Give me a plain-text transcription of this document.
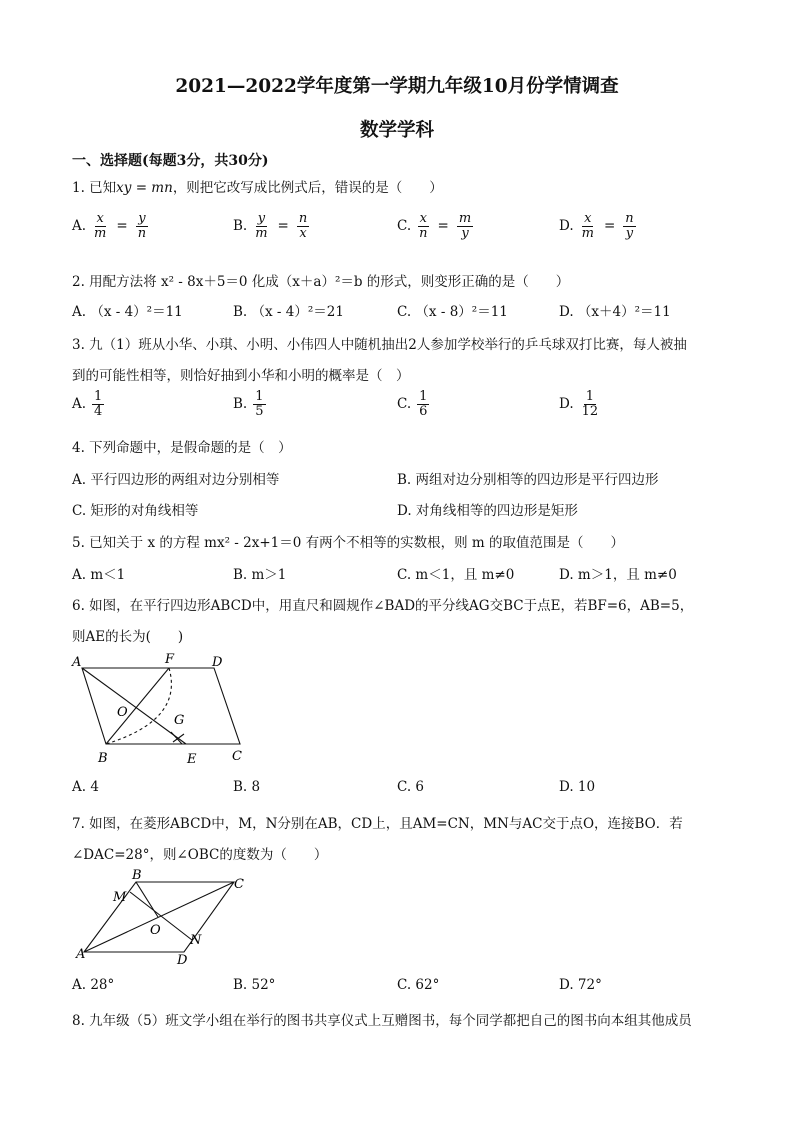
2021—2022学年度第一学期九年级10月份学情调查
数学学科
一、选择题(每题3分，共30分)
1. 已知xy = mn，则把它改写成比例式后，错误的是（　　）
A. $\frac{x}{m} = \frac{y}{n}$	B. $\frac{y}{m} = \frac{n}{x}$	C. $\frac{x}{n} = \frac{m}{y}$	D. $\frac{x}{m} = \frac{n}{y}$
2. 用配方法将 x² - 8x＋5＝0 化成（x＋a）²＝b 的形式，则变形正确的是（　　）
A. （x - 4）²＝11	B. （x - 4）²＝21	C. （x - 8）²＝11	D. （x＋4）²＝11
3. 九（1）班从小华、小琪、小明、小伟四人中随机抽出2人参加学校举行的乒乓球双打比赛，每人被抽
到的可能性相等，则恰好抽到小华和小明的概率是（　）
A. $\frac{1}{4}$	B. $\frac{1}{5}$	C. $\frac{1}{6}$	D. $\frac{1}{12}$
4. 下列命题中，是假命题的是（　）
A. 平行四边形的两组对边分别相等	B. 两组对边分别相等的四边形是平行四边形
C. 矩形的对角线相等	D. 对角线相等的四边形是矩形
5. 已知关于 x 的方程 mx² - 2x+1＝0 有两个不相等的实数根，则 m 的取值范围是（　　）
A. m＜1	B. m＞1	C. m＜1，且 m≠0	D. m＞1，且 m≠0
6. 如图，在平行四边形ABCD中，用直尺和圆规作∠BAD的平分线AG交BC于点E，若BF=6，AB=5，
则AE的长为(　　)
A	F	D
O
G
B	E	C
A. 4	B. 8	C. 6	D. 10
7. 如图，在菱形ABCD中，M，N分别在AB，CD上，且AM=CN，MN与AC交于点O，连接BO．若
∠DAC=28°，则∠OBC的度数为（　　）
B
C
M
O
N
A	D
A. 28°	B. 52°	C. 62°	D. 72°
8. 九年级（5）班文学小组在举行的图书共享仪式上互赠图书，每个同学都把自己的图书向本组其他成员
